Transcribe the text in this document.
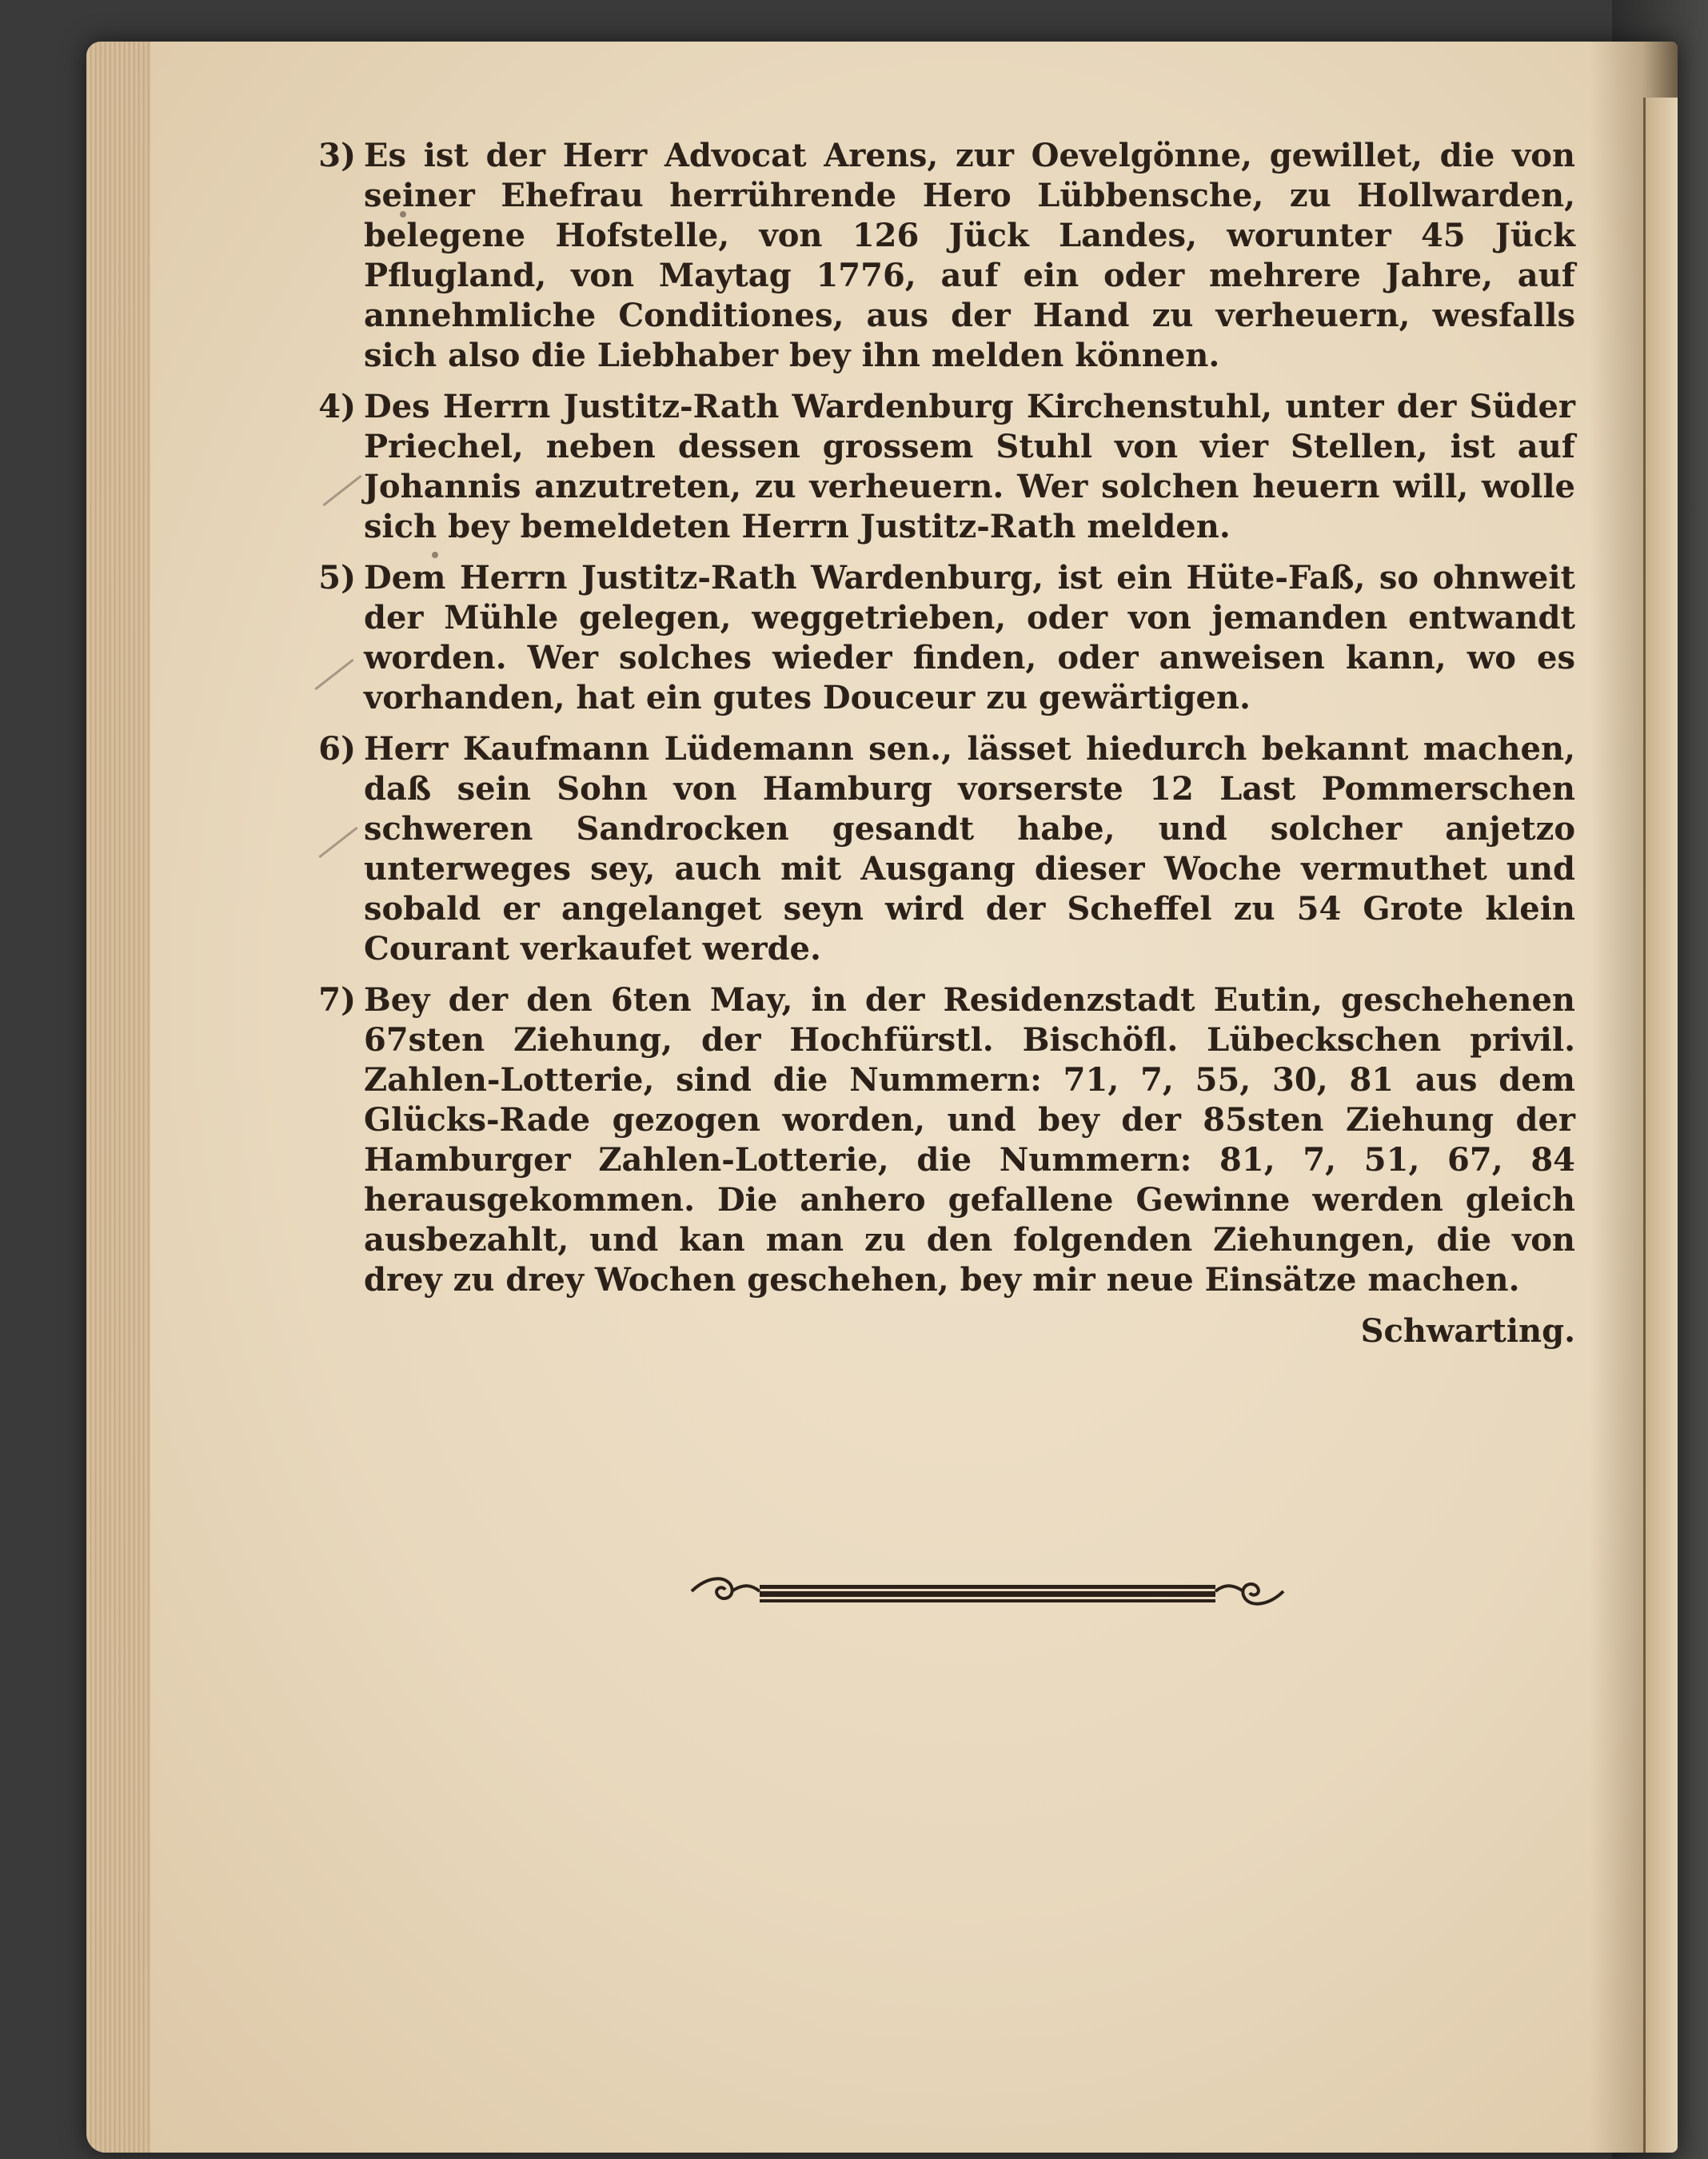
3) Es ist der Herr Advocat Arens, zur Oevelgönne, gewillet, die von seiner Ehefrau herrührende Hero Lübbensche, zu Hollwarden, belegene Hofstelle, von 126 Jück Landes, worunter 45 Jück Pflugland, von Maytag 1776, auf ein oder mehrere Jahre, auf annehmliche Conditiones, aus der Hand zu verheuern, wesfalls sich also die Liebhaber bey ihn melden können.

4) Des Herrn Justitz-Rath Wardenburg Kirchenstuhl, unter der Süder Priechel, neben dessen grossem Stuhl von vier Stellen, ist auf Johannis anzutreten, zu verheuern. Wer solchen heuern will, wolle sich bey bemeldeten Herrn Justitz-Rath melden.

5) Dem Herrn Justitz-Rath Wardenburg, ist ein Hüte-Faß, so ohnweit der Mühle gelegen, weggetrieben, oder von jemanden entwandt worden. Wer solches wieder finden, oder anweisen kann, wo es vorhanden, hat ein gutes Douceur zu gewärtigen.

6) Herr Kaufmann Lüdemann sen., lässet hiedurch bekannt machen, daß sein Sohn von Hamburg vorserste 12 Last Pommerschen schweren Sandrocken gesandt habe, und solcher anjetzo unterweges sey, auch mit Ausgang dieser Woche vermuthet und sobald er angelanget seyn wird der Scheffel zu 54 Grote klein Courant verkaufet werde.

7) Bey der den 6ten May, in der Residenzstadt Eutin, geschehenen 67sten Ziehung, der Hochfürstl. Bischöfl. Lübeckschen privil. Zahlen-Lotterie, sind die Nummern: 71, 7, 55, 30, 81 aus dem Glücks-Rade gezogen worden, und bey der 85sten Ziehung der Hamburger Zahlen-Lotterie, die Nummern: 81, 7, 51, 67, 84 herausgekommen. Die anhero gefallene Gewinne werden gleich ausbezahlt, und kan man zu den folgenden Ziehungen, die von drey zu drey Wochen geschehen, bey mir neue Einsätze machen.

Schwarting.
